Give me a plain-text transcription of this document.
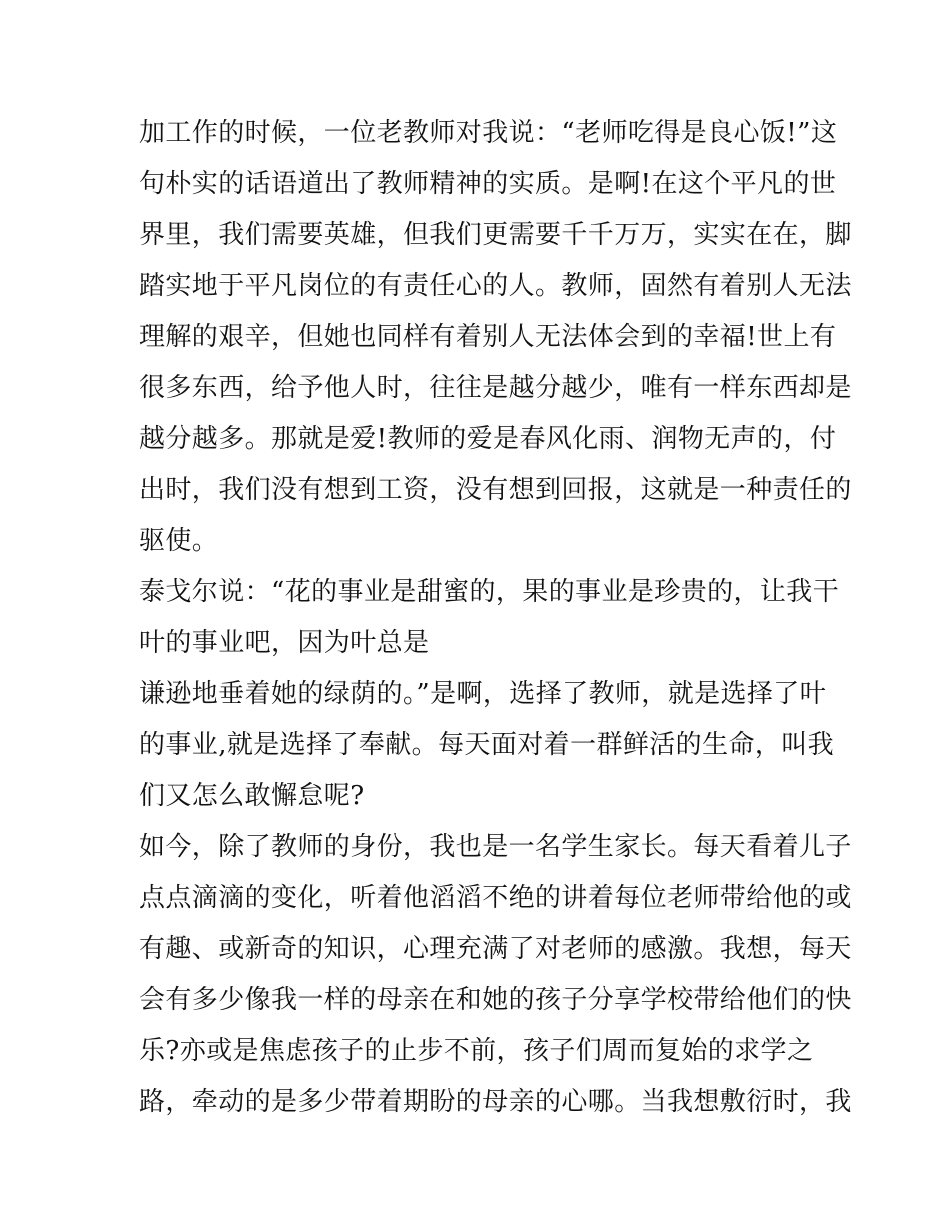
加工作的时候，一位老教师对我说：“老师吃得是良心饭!”这
句朴实的话语道出了教师精神的实质。是啊!在这个平凡的世
界里，我们需要英雄，但我们更需要千千万万，实实在在，脚
踏实地于平凡岗位的有责任心的人。教师，固然有着别人无法
理解的艰辛，但她也同样有着别人无法体会到的幸福!世上有
很多东西，给予他人时，往往是越分越少，唯有一样东西却是
越分越多。那就是爱!教师的爱是春风化雨、润物无声的，付
出时，我们没有想到工资，没有想到回报，这就是一种责任的
驱使。
泰戈尔说：“花的事业是甜蜜的，果的事业是珍贵的，让我干
叶的事业吧，因为叶总是
谦逊地垂着她的绿荫的。”是啊，选择了教师，就是选择了叶
的事业,就是选择了奉献。每天面对着一群鲜活的生命，叫我
们又怎么敢懈怠呢?
如今，除了教师的身份，我也是一名学生家长。每天看着儿子
点点滴滴的变化，听着他滔滔不绝的讲着每位老师带给他的或
有趣、或新奇的知识，心理充满了对老师的感激。我想，每天
会有多少像我一样的母亲在和她的孩子分享学校带给他们的快
乐?亦或是焦虑孩子的止步不前，孩子们周而复始的求学之
路，牵动的是多少带着期盼的母亲的心哪。当我想敷衍时，我
